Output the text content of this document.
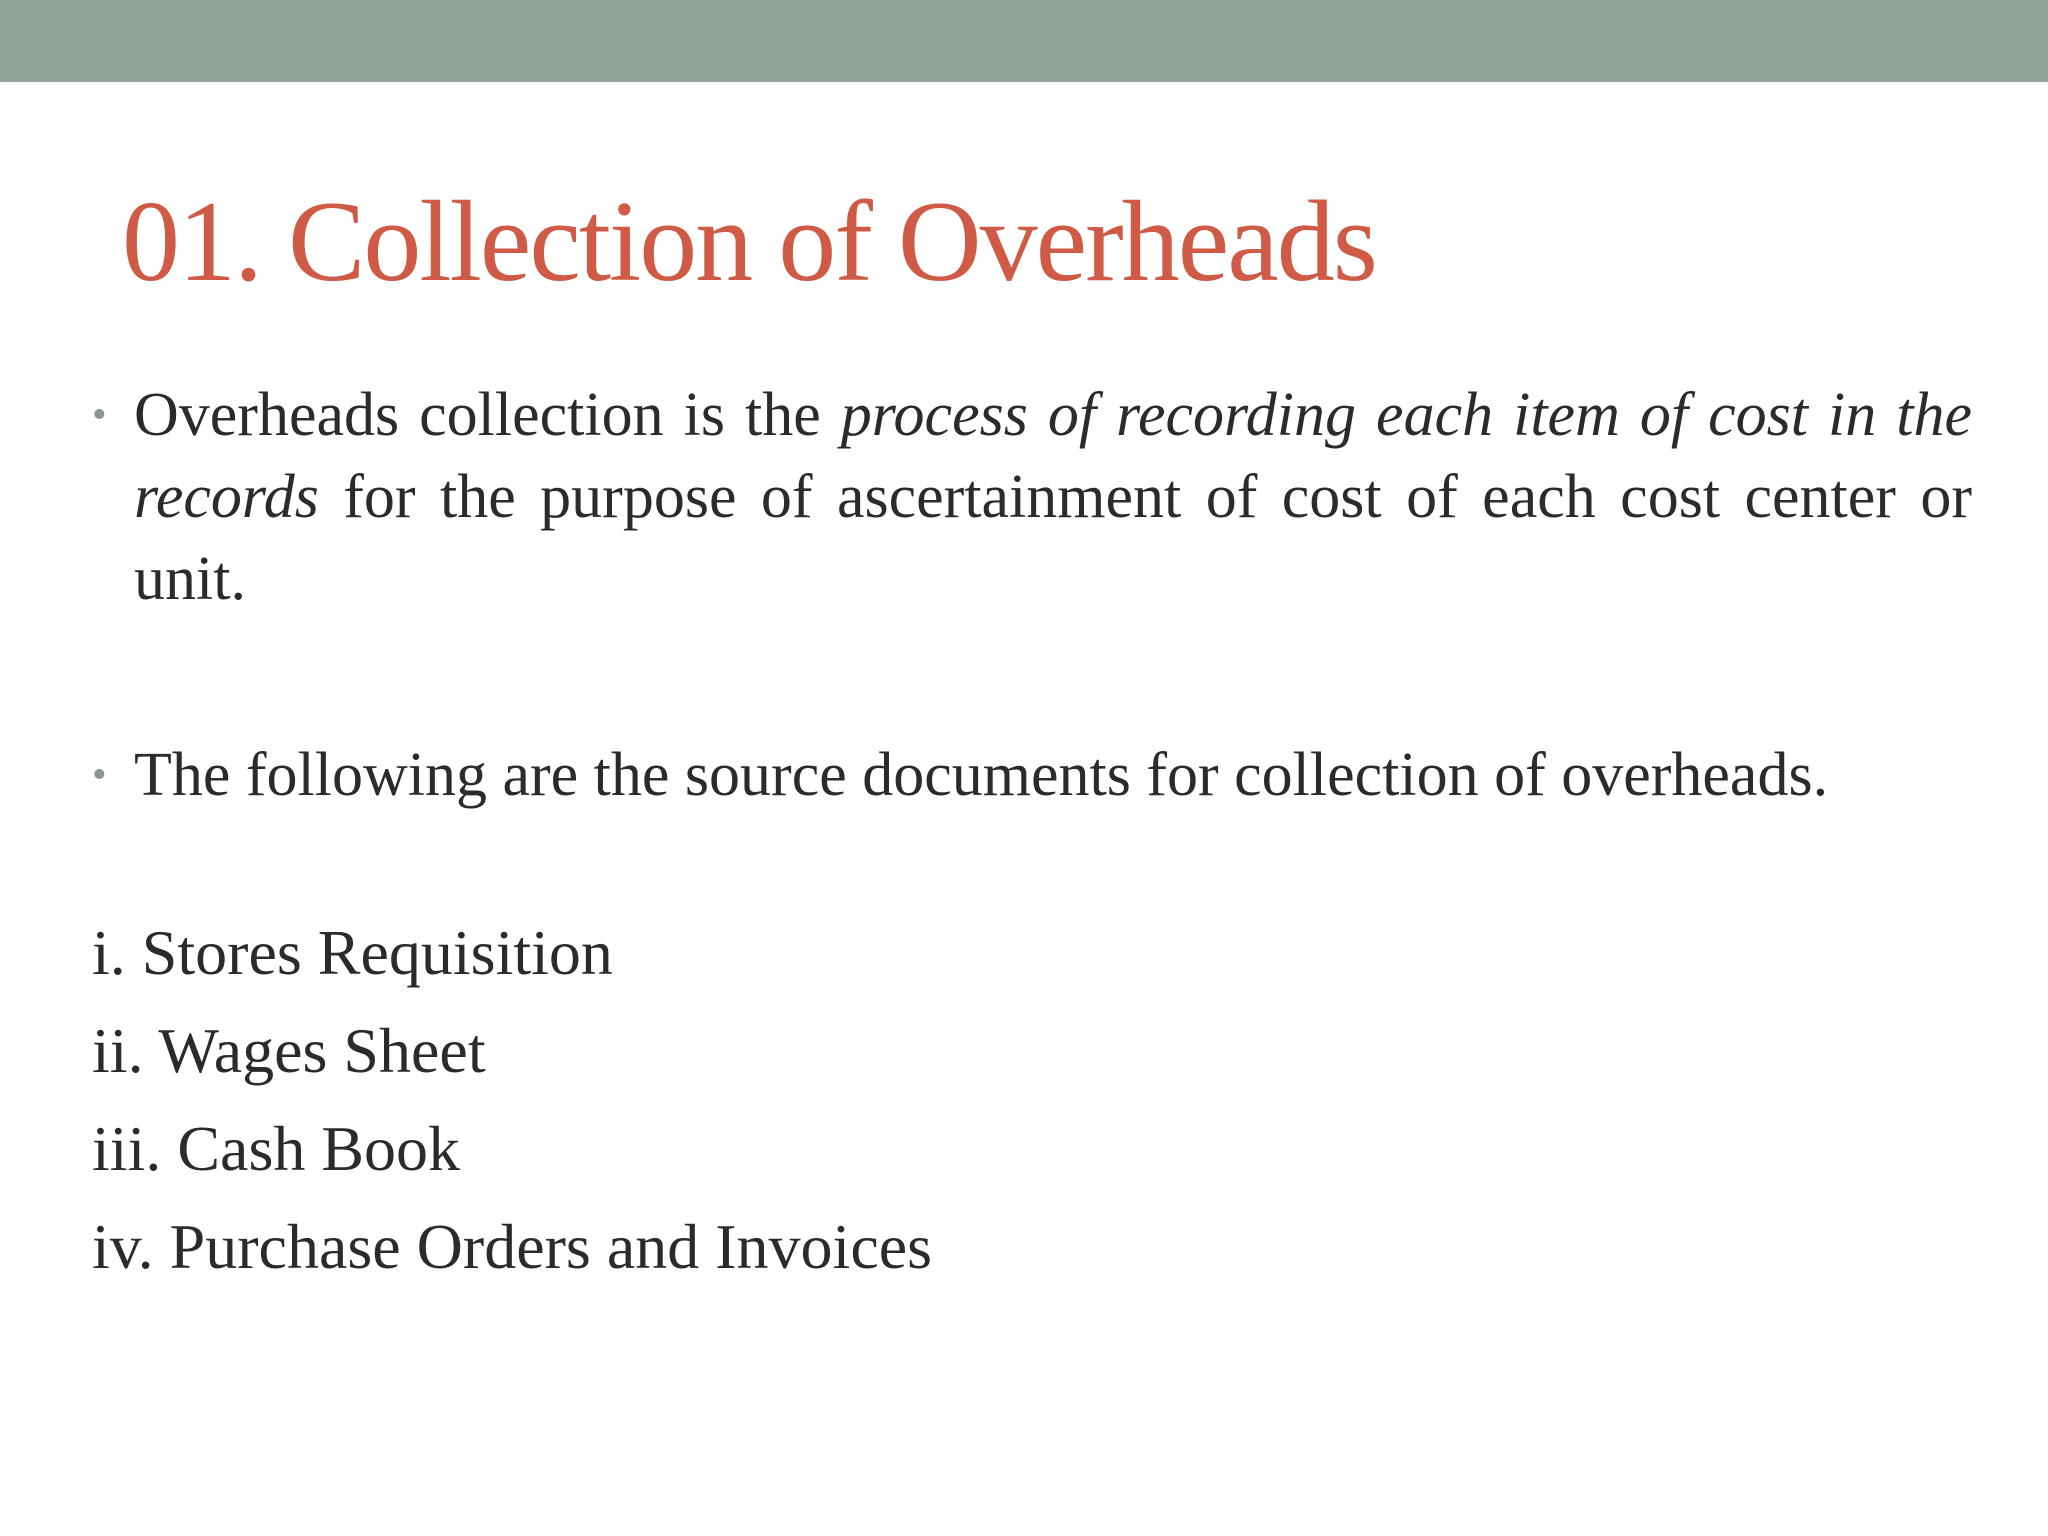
01. Collection of Overheads
• Overheads collection is the process of recording each item of cost in the records for the purpose of ascertainment of cost of each cost center or unit.

• The following are the source documents for collection of overheads.

i. Stores Requisition
ii. Wages Sheet
iii. Cash Book
iv. Purchase Orders and Invoices
